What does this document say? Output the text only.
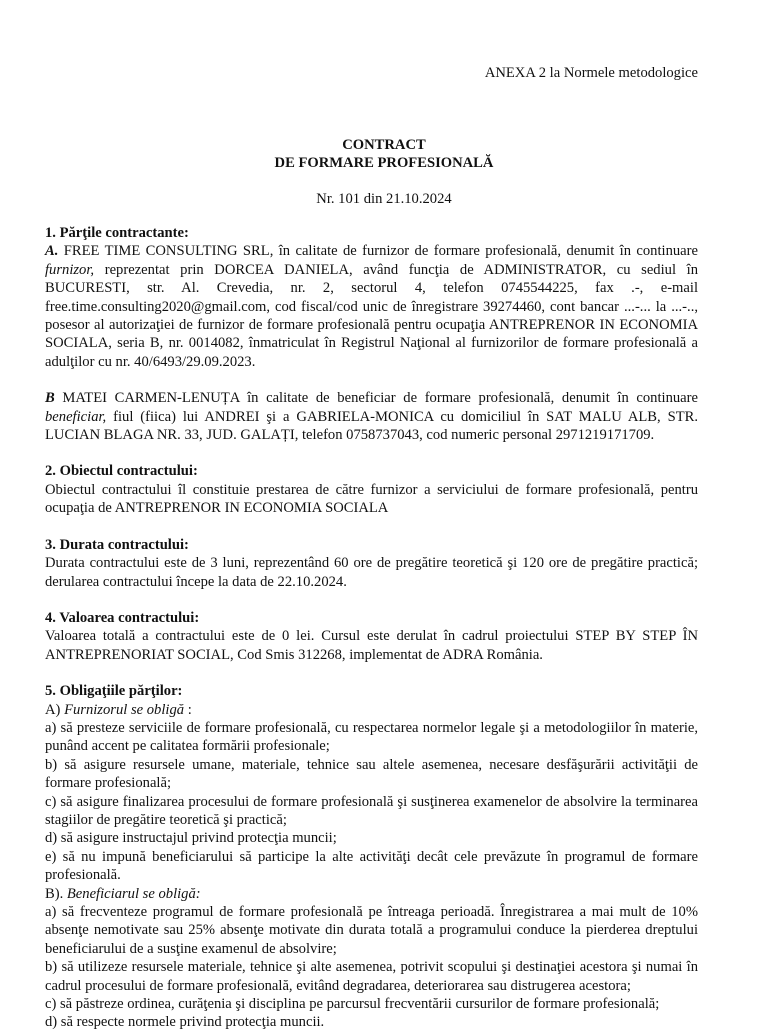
ANEXA 2 la Normele metodologice
CONTRACT
DE FORMARE PROFESIONALĂ
Nr. 101 din 21.10.2024
1. Părţile contractante:

A. FREE TIME CONSULTING SRL, în calitate de furnizor de formare profesională, denumit în continuare furnizor, reprezentat prin DORCEA DANIELA, având funcţia de ADMINISTRATOR, cu sediul în BUCURESTI, str. Al. Crevedia, nr. 2, sectorul 4, telefon 0745544225, fax .-, e-mail free.time.consulting2020@gmail.com, cod fiscal/cod unic de înregistrare 39274460, cont bancar ...-... la ...-.., posesor al autorizaţiei de furnizor de formare profesională pentru ocupaţia ANTREPRENOR IN ECONOMIA SOCIALA, seria B, nr. 0014082, înmatriculat în Registrul Naţional al furnizorilor de formare profesională a adulţilor cu nr. 40/6493/29.09.2023.

B MATEI CARMEN-LENUȚA în calitate de beneficiar de formare profesională, denumit în continuare beneficiar, fiul (fiica) lui ANDREI şi a GABRIELA-MONICA cu domiciliul în SAT MALU ALB, STR. LUCIAN BLAGA NR. 33, JUD. GALAȚI, telefon 0758737043, cod numeric personal 2971219171709.

2. Obiectul contractului:

Obiectul contractului îl constituie prestarea de către furnizor a serviciului de formare profesională, pentru ocupaţia de ANTREPRENOR IN ECONOMIA SOCIALA

3. Durata contractului:

Durata contractului este de 3 luni, reprezentând 60 ore de pregătire teoretică şi 120 ore de pregătire practică; derularea contractului începe la data de 22.10.2024.

4. Valoarea contractului:

Valoarea totală a contractului este de 0 lei. Cursul este derulat în cadrul proiectului STEP BY STEP ÎN ANTREPRENORIAT SOCIAL, Cod Smis 312268, implementat de ADRA România.

5. Obligaţiile părţilor:

A) Furnizorul se obligă :

a) să presteze serviciile de formare profesională, cu respectarea normelor legale şi a metodologiilor în materie, punând accent pe calitatea formării profesionale;

b) să asigure resursele umane, materiale, tehnice sau altele asemenea, necesare desfăşurării activităţii de formare profesională;

c) să asigure finalizarea procesului de formare profesională şi susţinerea examenelor de absolvire la terminarea stagiilor de pregătire teoretică şi practică;

d) să asigure instructajul privind protecţia muncii;

e) să nu impună beneficiarului să participe la alte activităţi decât cele prevăzute în programul de formare profesională.

B). Beneficiarul se obligă:

a) să frecventeze programul de formare profesională pe întreaga perioadă. Înregistrarea a mai mult de 10% absenţe nemotivate sau 25% absenţe motivate din durata totală a programului conduce la pierderea dreptului beneficiarului de a susţine examenul de absolvire;

b) să utilizeze resursele materiale, tehnice şi alte asemenea, potrivit scopului şi destinaţiei acestora şi numai în cadrul procesului de formare profesională, evitând degradarea, deteriorarea sau distrugerea acestora;

c) să păstreze ordinea, curăţenia şi disciplina pe parcursul frecventării cursurilor de formare profesională;

d) să respecte normele privind protecţia muncii.
